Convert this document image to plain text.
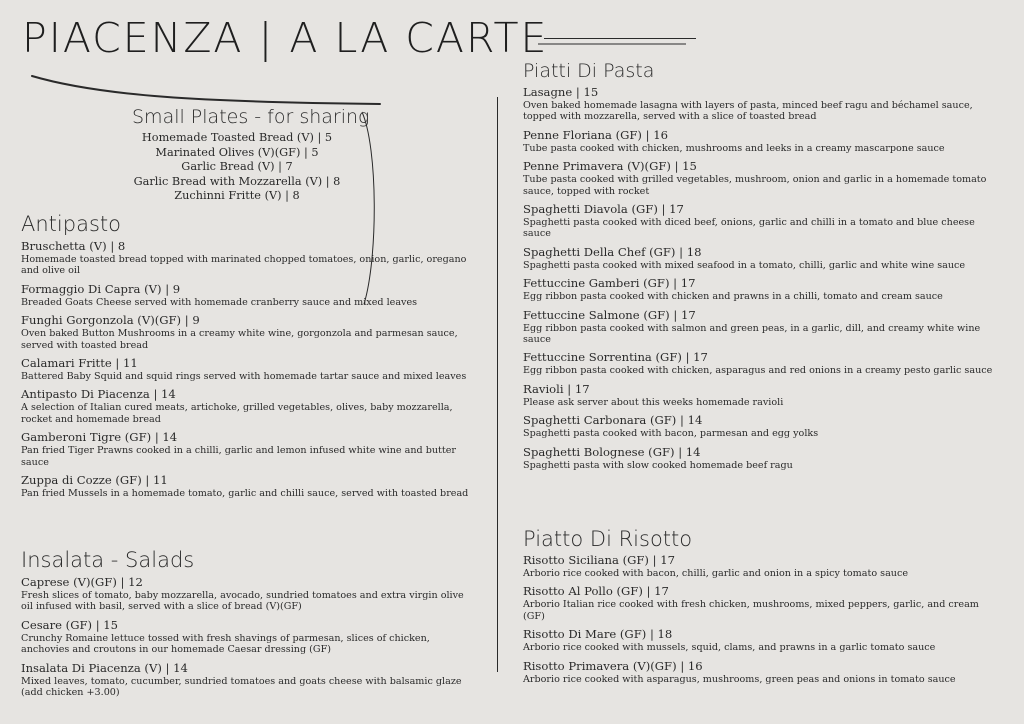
PIACENZA | A LA CARTE
Small Plates - for sharing
Homemade Toasted Bread (V) | 5
Marinated Olives (V)(GF) | 5
Garlic Bread (V) | 7
Garlic Bread with Mozzarella (V) | 8
Zuchinni Fritte (V) | 8
Antipasto
Bruschetta (V) | 8
Homemade toasted bread topped with marinated chopped tomatoes, onion, garlic, oregano and olive oil
Formaggio Di Capra (V) | 9
Breaded Goats Cheese served with homemade cranberry sauce and mixed leaves
Funghi Gorgonzola (V)(GF) | 9
Oven baked Button Mushrooms in a creamy white wine, gorgonzola and parmesan sauce, served with toasted bread
Calamari Fritte | 11
Battered Baby Squid and squid rings served with homemade tartar sauce and mixed leaves
Antipasto Di Piacenza | 14
A selection of Italian cured meats, artichoke, grilled vegetables, olives, baby mozzarella, rocket and homemade bread
Gamberoni Tigre (GF) | 14
Pan fried Tiger Prawns cooked in a chilli, garlic and lemon infused white wine and butter sauce
Zuppa di Cozze (GF) | 11
Pan fried Mussels in a homemade tomato, garlic and chilli sauce, served with toasted bread
Insalata - Salads
Caprese (V)(GF) | 12
Fresh slices of tomato, baby mozzarella, avocado, sundried tomatoes and extra virgin olive oil infused with basil, served with a slice of bread (V)(GF)
Cesare (GF) | 15
Crunchy Romaine lettuce tossed with fresh shavings of parmesan, slices of chicken, anchovies and croutons in our homemade Caesar dressing (GF)
Insalata Di Piacenza (V) | 14
Mixed leaves, tomato, cucumber, sundried tomatoes and goats cheese with balsamic glaze (add chicken +3.00)
Piatti Di Pasta
Lasagne | 15
Oven baked homemade lasagna with layers of pasta, minced beef ragu and béchamel sauce, topped with mozzarella, served with a slice of toasted bread
Penne Floriana (GF) | 16
Tube pasta cooked with chicken, mushrooms and leeks in a creamy mascarpone sauce
Penne Primavera (V)(GF) | 15
Tube pasta cooked with grilled vegetables, mushroom, onion and garlic in a homemade tomato sauce, topped with rocket
Spaghetti Diavola (GF) | 17
Spaghetti pasta cooked with diced beef, onions, garlic and chilli in a tomato and blue cheese sauce
Spaghetti Della Chef (GF) | 18
Spaghetti pasta cooked with mixed seafood in a tomato, chilli, garlic and white wine sauce
Fettuccine Gamberi (GF) | 17
Egg ribbon pasta cooked with chicken and prawns in a chilli, tomato and cream sauce
Fettuccine Salmone (GF) | 17
Egg ribbon pasta cooked with salmon and green peas, in a garlic, dill, and creamy white wine sauce
Fettuccine Sorrentina (GF) | 17
Egg ribbon pasta cooked with chicken, asparagus and red onions in a creamy pesto garlic sauce
Ravioli | 17
Please ask server about this weeks homemade ravioli
Spaghetti Carbonara (GF) | 14
Spaghetti pasta cooked with bacon, parmesan and egg yolks
Spaghetti Bolognese (GF) | 14
Spaghetti pasta with slow cooked homemade beef ragu
Piatto Di Risotto
Risotto Siciliana (GF) | 17
Arborio rice cooked with bacon, chilli, garlic and onion in a spicy tomato sauce
Risotto Al Pollo (GF) | 17
Arborio Italian rice cooked with fresh chicken, mushrooms, mixed peppers, garlic, and cream (GF)
Risotto Di Mare (GF) | 18
Arborio rice cooked with mussels, squid, clams, and prawns in a garlic tomato sauce
Risotto Primavera (V)(GF) | 16
Arborio rice cooked with asparagus, mushrooms, green peas and onions in tomato sauce
